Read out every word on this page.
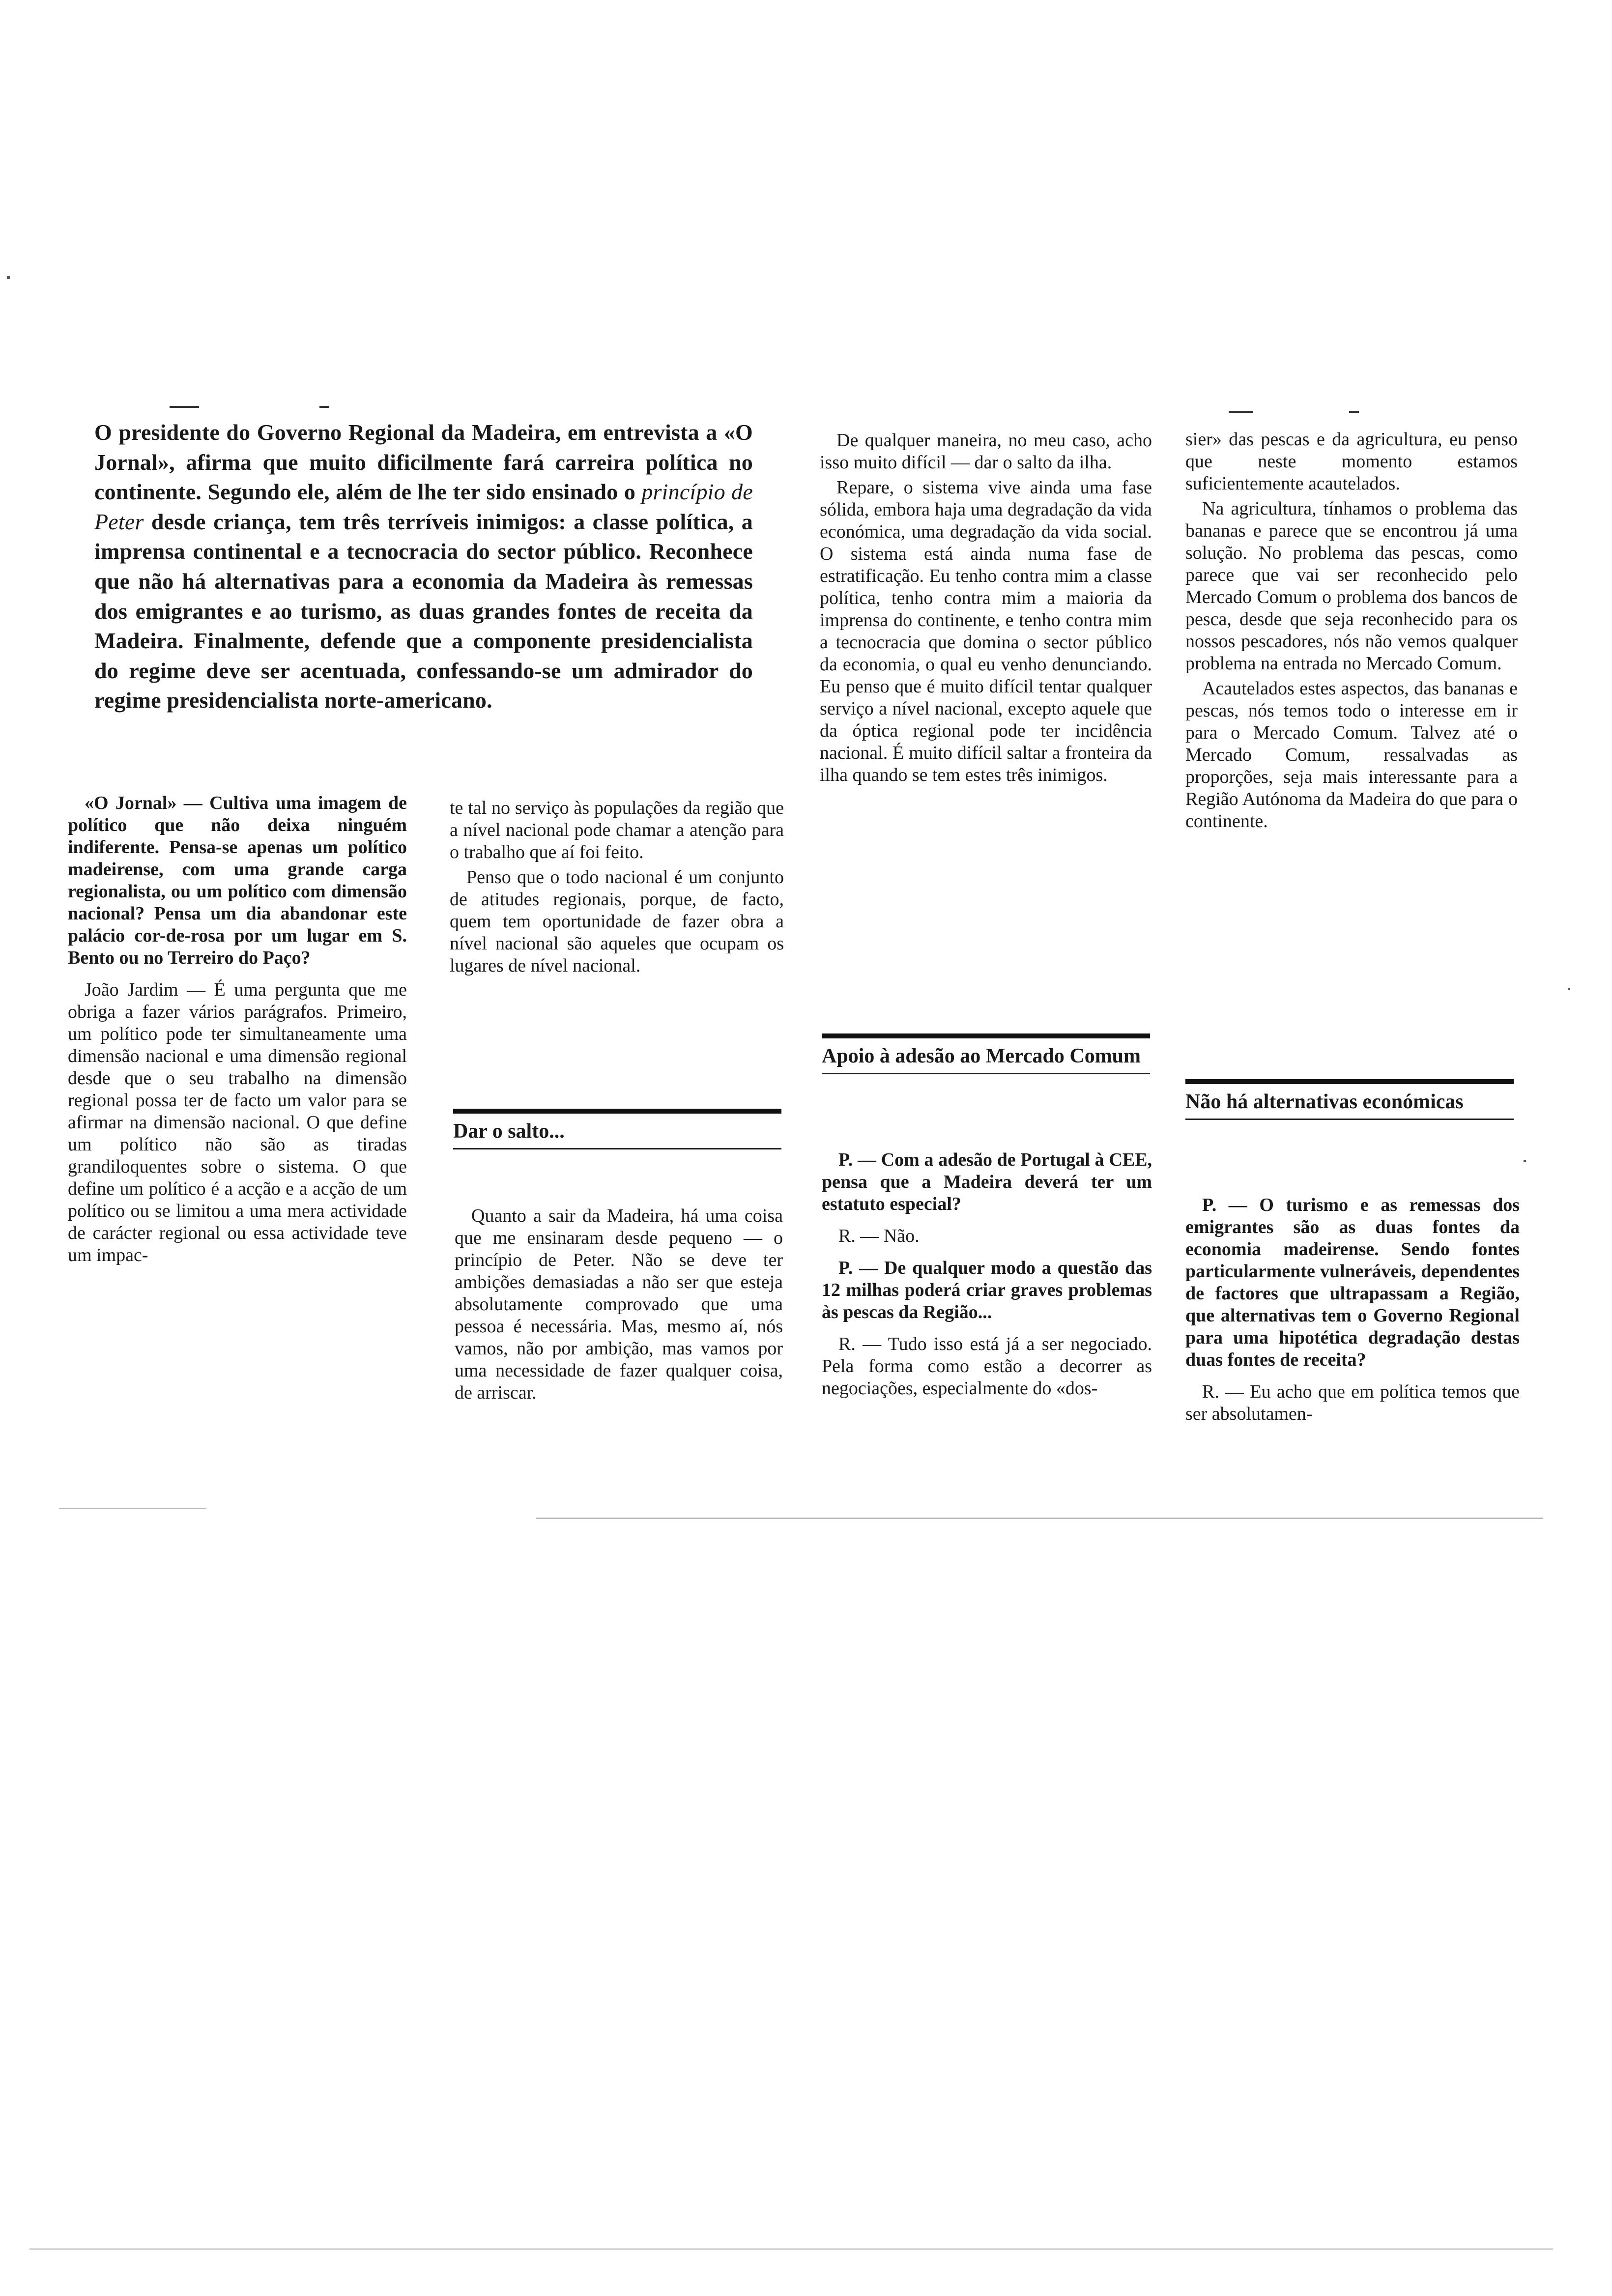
O presidente do Governo Regional da Madeira, em entrevista a «O Jornal», afirma que muito dificilmente fará carreira política no continente. Segundo ele, além de lhe ter sido ensinado o princípio de Peter desde criança, tem três terríveis inimigos: a classe política, a imprensa continental e a tecnocracia do sector público. Reconhece que não há alternativas para a economia da Madeira às remessas dos emigrantes e ao turismo, as duas grandes fontes de receita da Madeira. Finalmente, defende que a componente presidencialista do regime deve ser acentuada, confessando-se um admirador do regime presidencialista norte-americano.

«O Jornal» — Cultiva uma imagem de político que não deixa ninguém indiferente. Pensa-se apenas um político madeirense, com uma grande carga regionalista, ou um político com dimensão nacional? Pensa um dia abandonar este palácio cor-de-rosa por um lugar em S. Bento ou no Terreiro do Paço?

João Jardim — É uma pergunta que me obriga a fazer vários parágrafos. Primeiro, um político pode ter simultaneamente uma dimensão nacional e uma dimensão regional desde que o seu trabalho na dimensão regional possa ter de facto um valor para se afirmar na dimensão nacional. O que define um político não são as tiradas grandiloquentes sobre o sistema. O que define um político é a acção e a acção de um político ou se limitou a uma mera actividade de carácter regional ou essa actividade teve um impac-

te tal no serviço às populações da região que a nível nacional pode chamar a atenção para o trabalho que aí foi feito.

Penso que o todo nacional é um conjunto de atitudes regionais, porque, de facto, quem tem oportunidade de fazer obra a nível nacional são aqueles que ocupam os lugares de nível nacional.

Dar o salto...

Quanto a sair da Madeira, há uma coisa que me ensinaram desde pequeno — o princípio de Peter. Não se deve ter ambições demasiadas a não ser que esteja absolutamente comprovado que uma pessoa é necessária. Mas, mesmo aí, nós vamos, não por ambição, mas vamos por uma necessidade de fazer qualquer coisa, de arriscar.

De qualquer maneira, no meu caso, acho isso muito difícil — dar o salto da ilha.

Repare, o sistema vive ainda uma fase sólida, embora haja uma degradação da vida económica, uma degradação da vida social. O sistema está ainda numa fase de estratificação. Eu tenho contra mim a classe política, tenho contra mim a maioria da imprensa do continente, e tenho contra mim a tecnocracia que domina o sector público da economia, o qual eu venho denunciando. Eu penso que é muito difícil tentar qualquer serviço a nível nacional, excepto aquele que da óptica regional pode ter incidência nacional. É muito difícil saltar a fronteira da ilha quando se tem estes três inimigos.

Apoio à adesão ao Mercado Comum

P. — Com a adesão de Portugal à CEE, pensa que a Madeira deverá ter um estatuto especial?

R. — Não.

P. — De qualquer modo a questão das 12 milhas poderá criar graves problemas às pescas da Região...

R. — Tudo isso está já a ser negociado. Pela forma como estão a decorrer as negociações, especialmente do «dos-

sier» das pescas e da agricultura, eu penso que neste momento estamos suficientemente acautelados.

Na agricultura, tínhamos o problema das bananas e parece que se encontrou já uma solução. No problema das pescas, como parece que vai ser reconhecido pelo Mercado Comum o problema dos bancos de pesca, desde que seja reconhecido para os nossos pescadores, nós não vemos qualquer problema na entrada no Mercado Comum.

Acautelados estes aspectos, das bananas e pescas, nós temos todo o interesse em ir para o Mercado Comum. Talvez até o Mercado Comum, ressalvadas as proporções, seja mais interessante para a Região Autónoma da Madeira do que para o continente.

Não há alternativas económicas

P. — O turismo e as remessas dos emigrantes são as duas fontes da economia madeirense. Sendo fontes particularmente vulneráveis, dependentes de factores que ultrapassam a Região, que alternativas tem o Governo Regional para uma hipotética degradação destas duas fontes de receita?

R. — Eu acho que em política temos que ser absolutamen-
